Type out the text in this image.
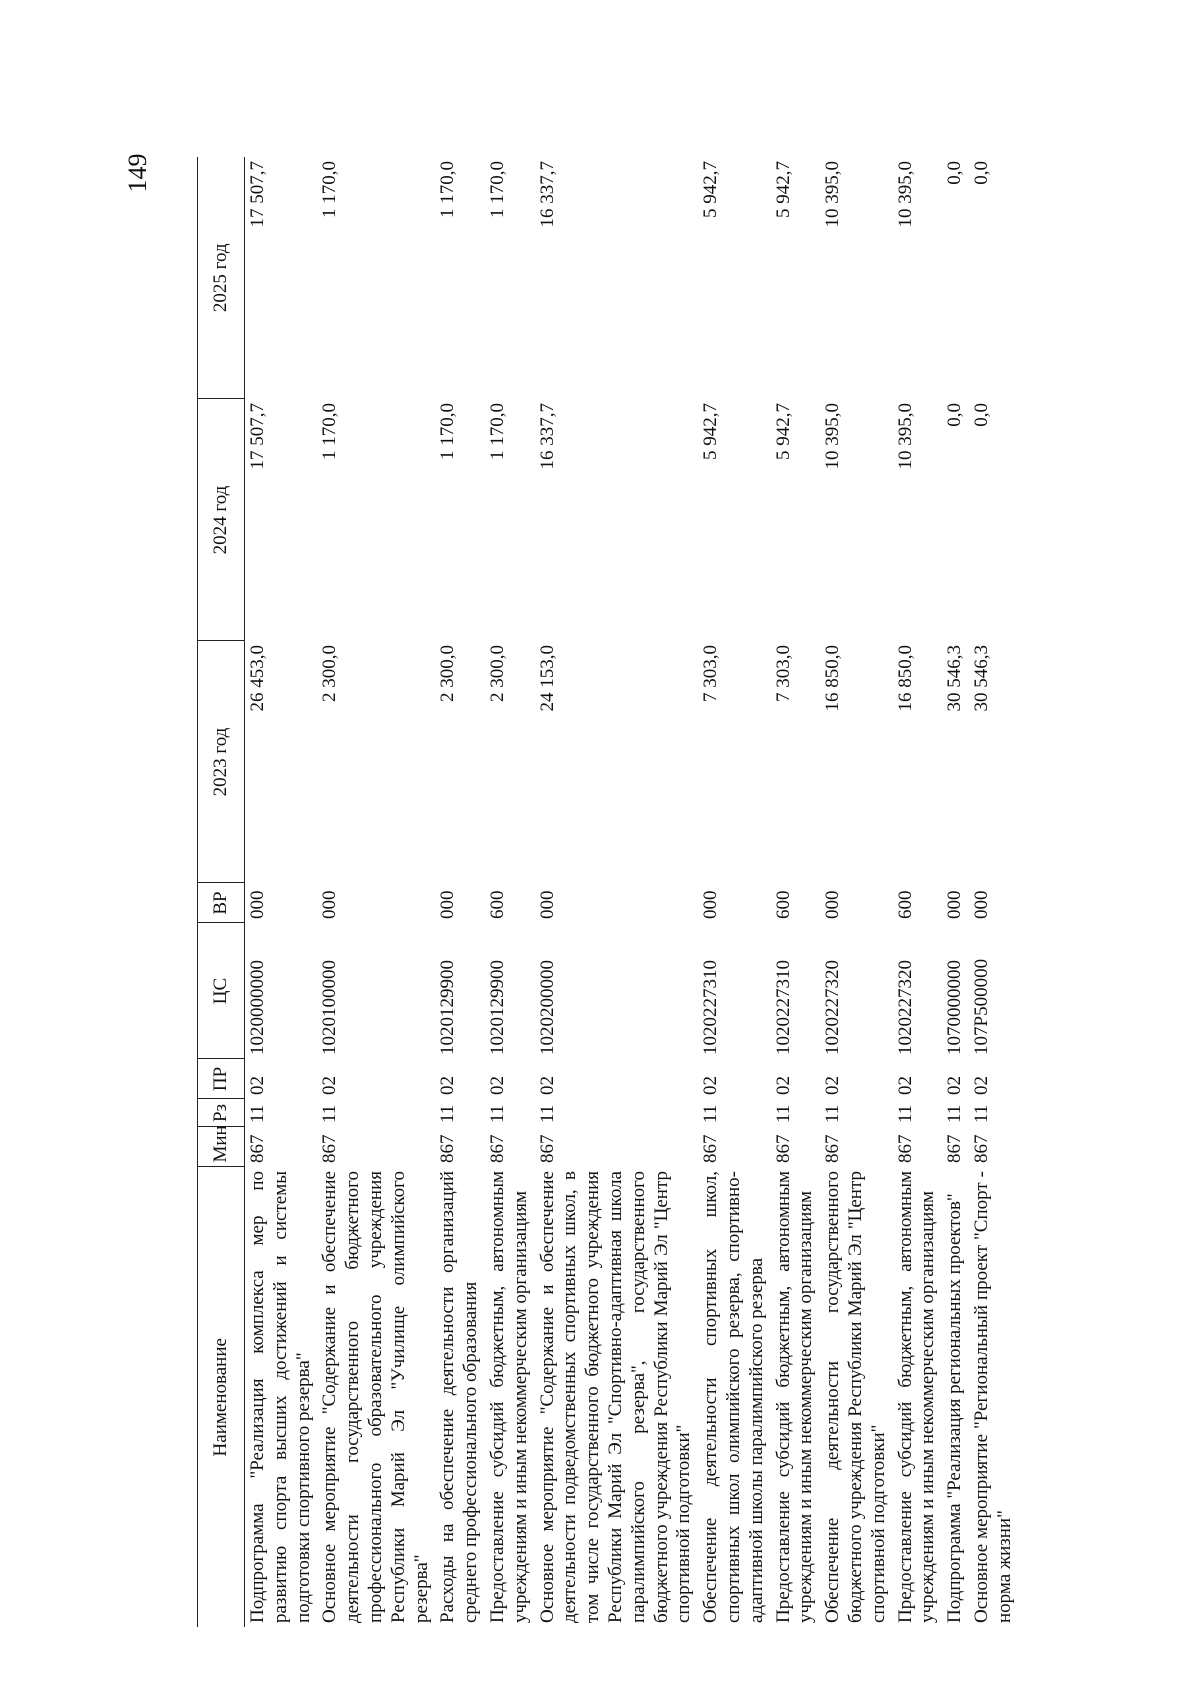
149
Наименование	Мин	Рз	ПР	ЦС	ВР	2023 год	2024 год	2025 год
Подпрограмма "Реализация комплекса мер по развитию спорта высших достижений и системы подготовки спортивного резерва"	867	11	02	1020000000	000	26 453,0	17 507,7	17 507,7
Основное мероприятие "Содержание и обеспечение деятельности государственного бюджетного профессионального образовательного учреждения Республики Марий Эл "Училище олимпийского резерва"	867	11	02	1020100000	000	2 300,0	1 170,0	1 170,0
Расходы на обеспечение деятельности организаций среднего профессионального образования	867	11	02	1020129900	000	2 300,0	1 170,0	1 170,0
Предоставление субсидий бюджетным, автономным учреждениям и иным некоммерческим организациям	867	11	02	1020129900	600	2 300,0	1 170,0	1 170,0
Основное мероприятие "Содержание и обеспечение деятельности подведомственных спортивных школ, в том числе государственного бюджетного учреждения Республики Марий Эл "Спортивно-адаптивная школа паралимпийского резерва", государственного бюджетного учреждения Республики Марий Эл "Центр спортивной подготовки"	867	11	02	1020200000	000	24 153,0	16 337,7	16 337,7
Обеспечение деятельности спортивных школ, спортивных школ олимпийского резерва, спортивно-адаптивной школы паралимпийского резерва	867	11	02	1020227310	000	7 303,0	5 942,7	5 942,7
Предоставление субсидий бюджетным, автономным учреждениям и иным некоммерческим организациям	867	11	02	1020227310	600	7 303,0	5 942,7	5 942,7
Обеспечение деятельности государственного бюджетного учреждения Республики Марий Эл "Центр спортивной подготовки"	867	11	02	1020227320	000	16 850,0	10 395,0	10 395,0
Предоставление субсидий бюджетным, автономным учреждениям и иным некоммерческим организациям	867	11	02	1020227320	600	16 850,0	10 395,0	10 395,0
Подпрограмма "Реализация региональных проектов"	867	11	02	1070000000	000	30 546,3	0,0	0,0
Основное мероприятие "Региональный проект "Спорт - норма жизни"	867	11	02	107P500000	000	30 546,3	0,0	0,0
